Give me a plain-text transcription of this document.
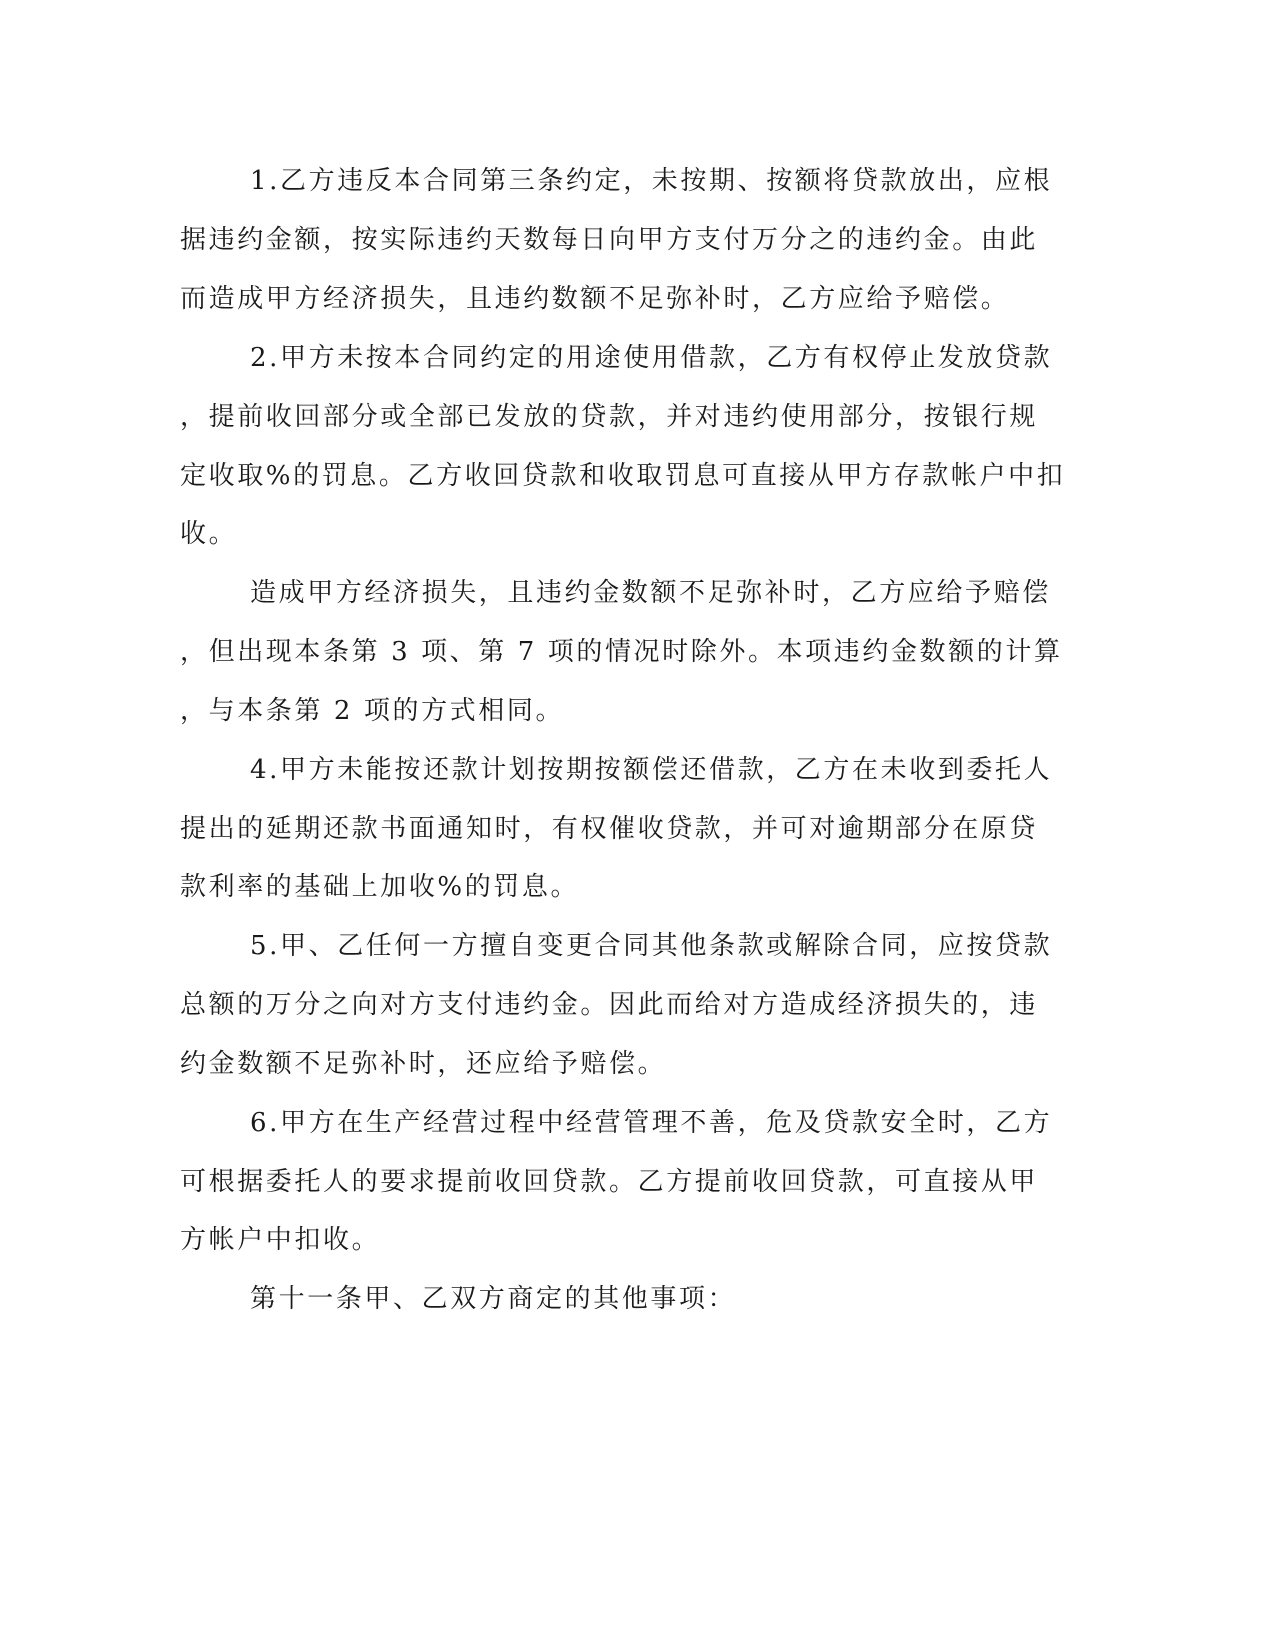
1.乙方违反本合同第三条约定，未按期、按额将贷款放出，应根

据违约金额，按实际违约天数每日向甲方支付万分之的违约金。由此

而造成甲方经济损失，且违约数额不足弥补时，乙方应给予赔偿。

2.甲方未按本合同约定的用途使用借款，乙方有权停止发放贷款

，提前收回部分或全部已发放的贷款，并对违约使用部分，按银行规

定收取%的罚息。乙方收回贷款和收取罚息可直接从甲方存款帐户中扣

收。

造成甲方经济损失，且违约金数额不足弥补时，乙方应给予赔偿

，但出现本条第 3 项、第 7 项的情况时除外。本项违约金数额的计算

，与本条第 2 项的方式相同。

4.甲方未能按还款计划按期按额偿还借款，乙方在未收到委托人

提出的延期还款书面通知时，有权催收贷款，并可对逾期部分在原贷

款利率的基础上加收%的罚息。

5.甲、乙任何一方擅自变更合同其他条款或解除合同，应按贷款

总额的万分之向对方支付违约金。因此而给对方造成经济损失的，违

约金数额不足弥补时，还应给予赔偿。

6.甲方在生产经营过程中经营管理不善，危及贷款安全时，乙方

可根据委托人的要求提前收回贷款。乙方提前收回贷款，可直接从甲

方帐户中扣收。

第十一条甲、乙双方商定的其他事项：
